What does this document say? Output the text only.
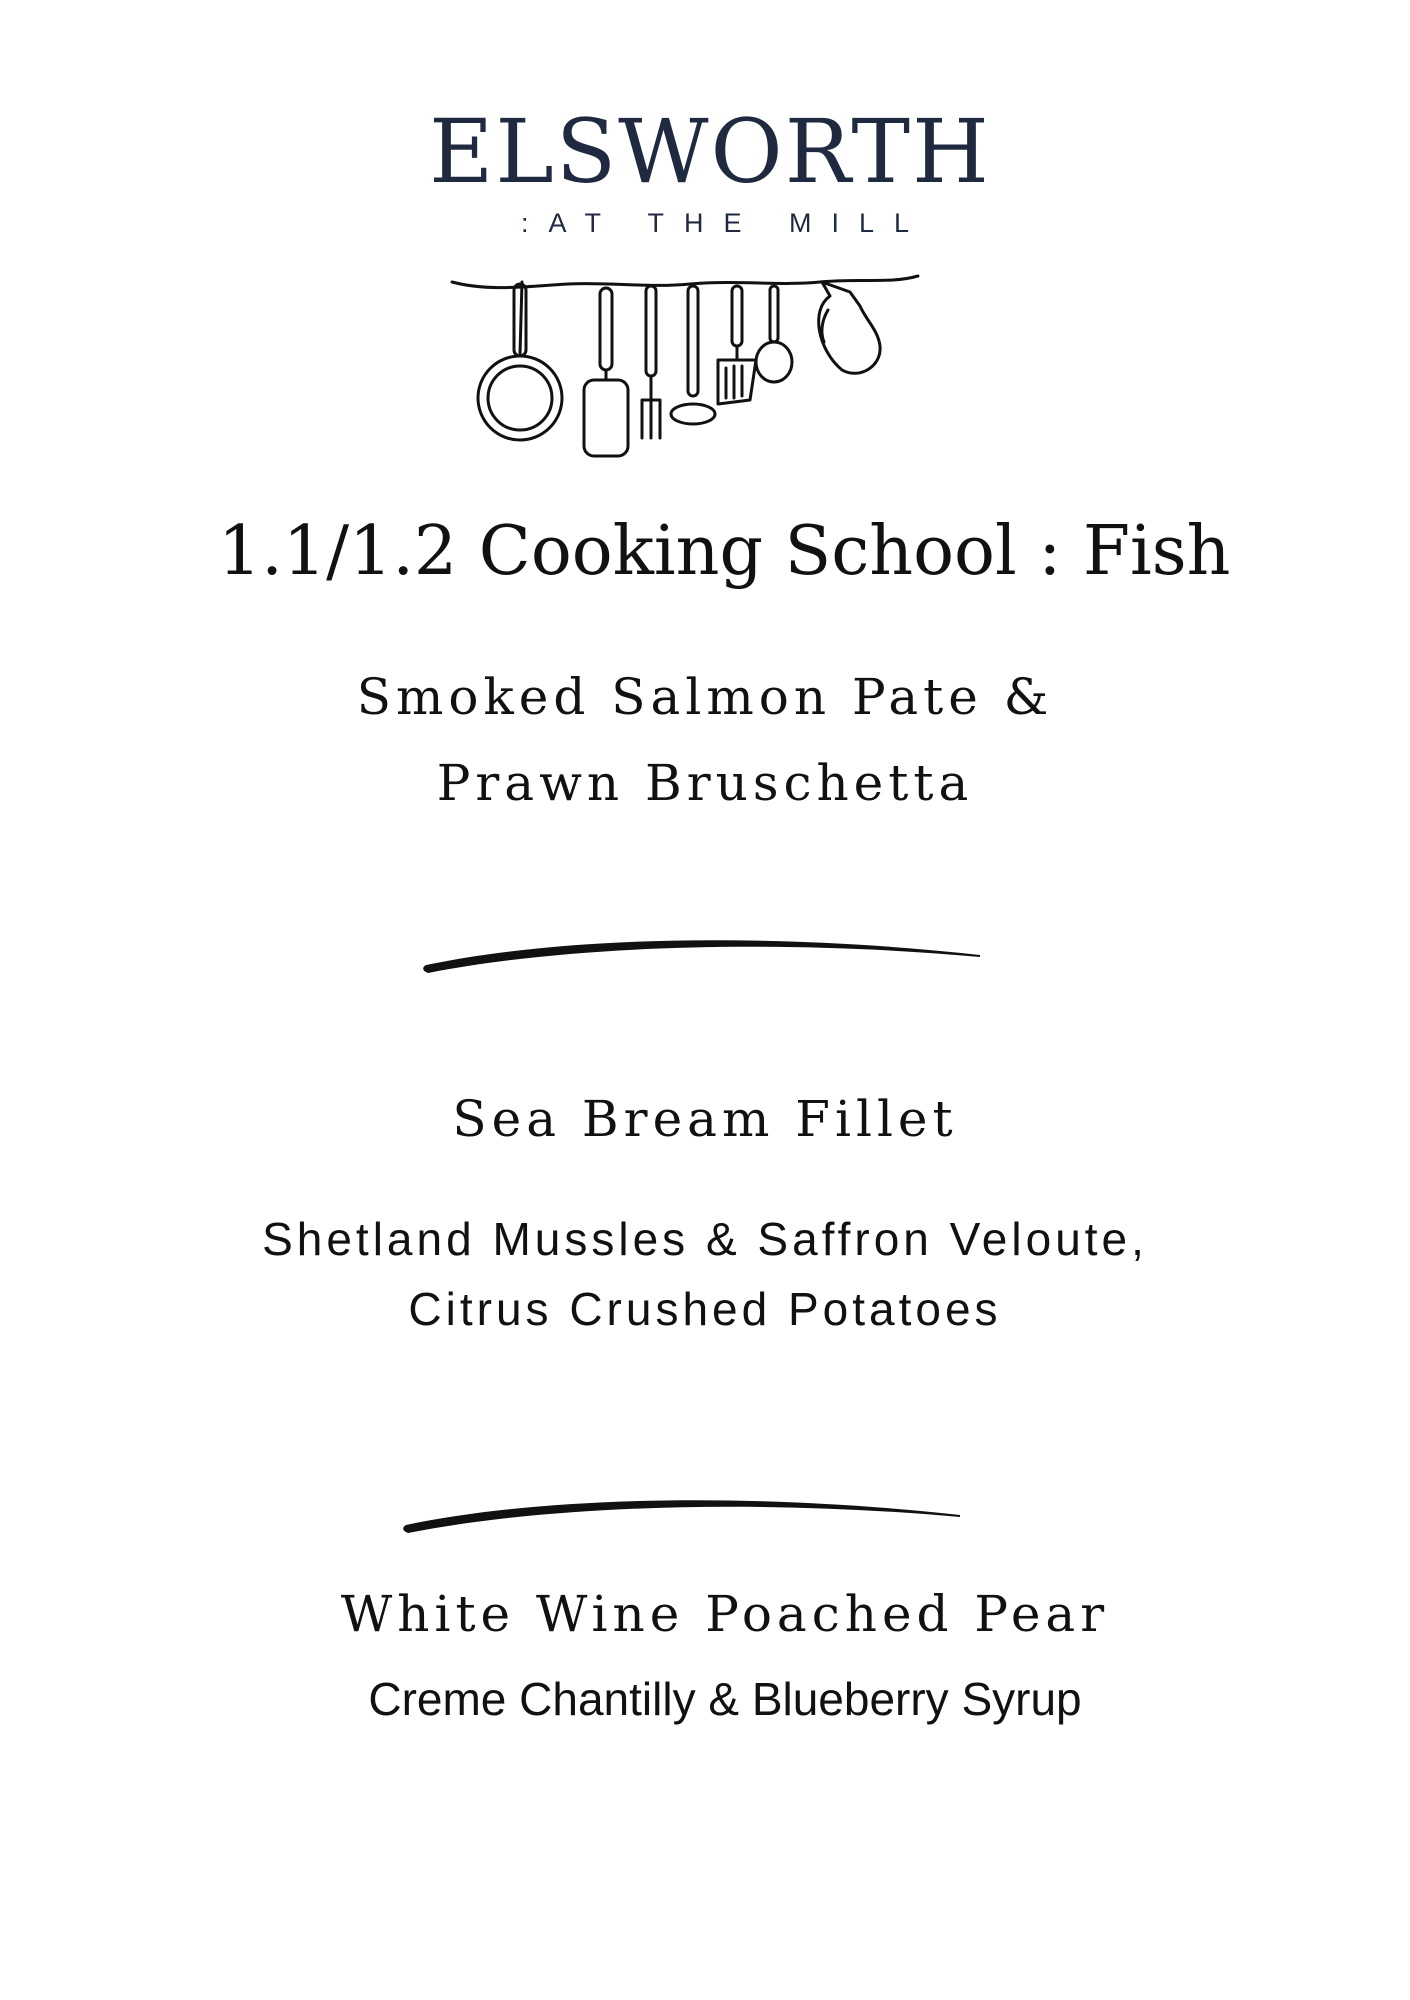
ELSWORTH
:AT THE MILL
1.1/1.2 Cooking School : Fish
Smoked Salmon Pate &
Prawn Bruschetta
Sea Bream Fillet
Shetland Mussles & Saffron Veloute,
Citrus Crushed Potatoes
White Wine Poached Pear
Creme Chantilly & Blueberry Syrup
